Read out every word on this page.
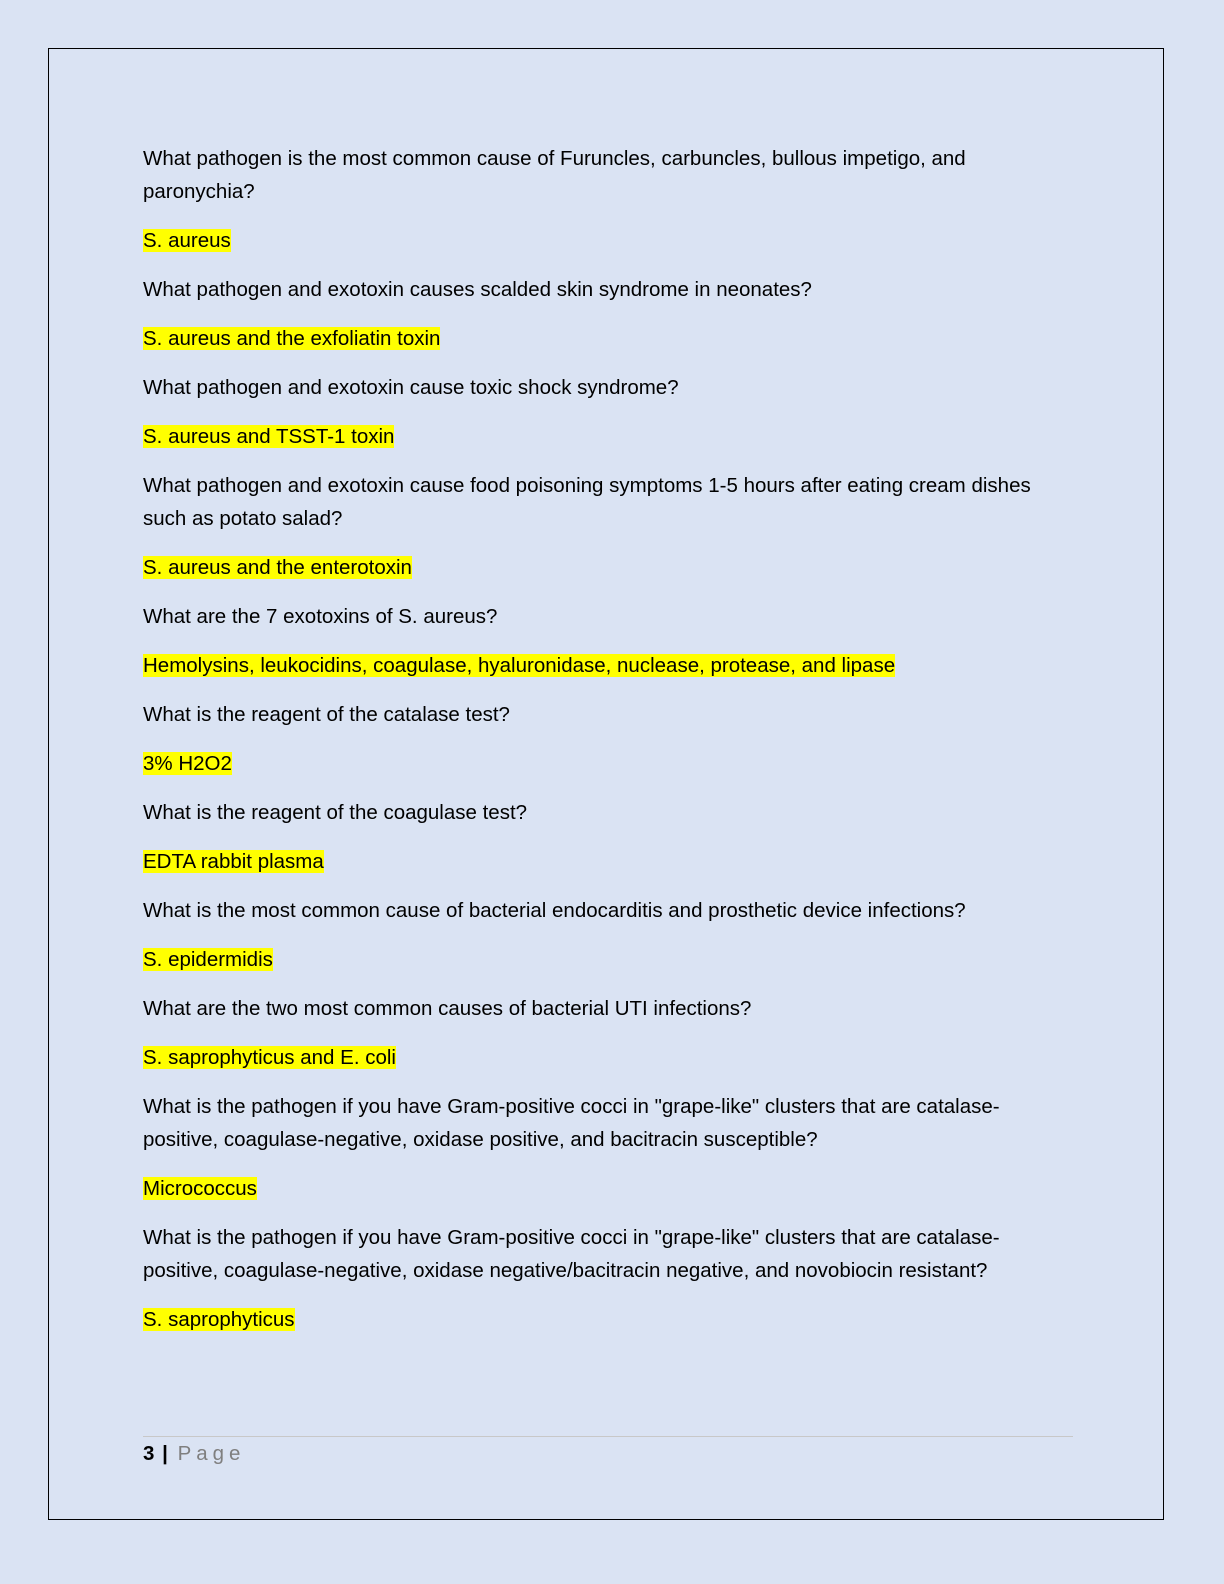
What pathogen is the most common cause of Furuncles, carbuncles, bullous impetigo, and paronychia?

S. aureus

What pathogen and exotoxin causes scalded skin syndrome in neonates?

S. aureus and the exfoliatin toxin

What pathogen and exotoxin cause toxic shock syndrome?

S. aureus and TSST-1 toxin

What pathogen and exotoxin cause food poisoning symptoms 1-5 hours after eating cream dishes such as potato salad?

S. aureus and the enterotoxin

What are the 7 exotoxins of S. aureus?

Hemolysins, leukocidins, coagulase, hyaluronidase, nuclease, protease, and lipase

What is the reagent of the catalase test?

3% H2O2

What is the reagent of the coagulase test?

EDTA rabbit plasma

What is the most common cause of bacterial endocarditis and prosthetic device infections?

S. epidermidis

What are the two most common causes of bacterial UTI infections?

S. saprophyticus and E. coli

What is the pathogen if you have Gram-positive cocci in "grape-like" clusters that are catalase-positive, coagulase-negative, oxidase positive, and bacitracin susceptible?

Micrococcus

What is the pathogen if you have Gram-positive cocci in "grape-like" clusters that are catalase-positive, coagulase-negative, oxidase negative/bacitracin negative, and novobiocin resistant?

S. saprophyticus

3 | Page
